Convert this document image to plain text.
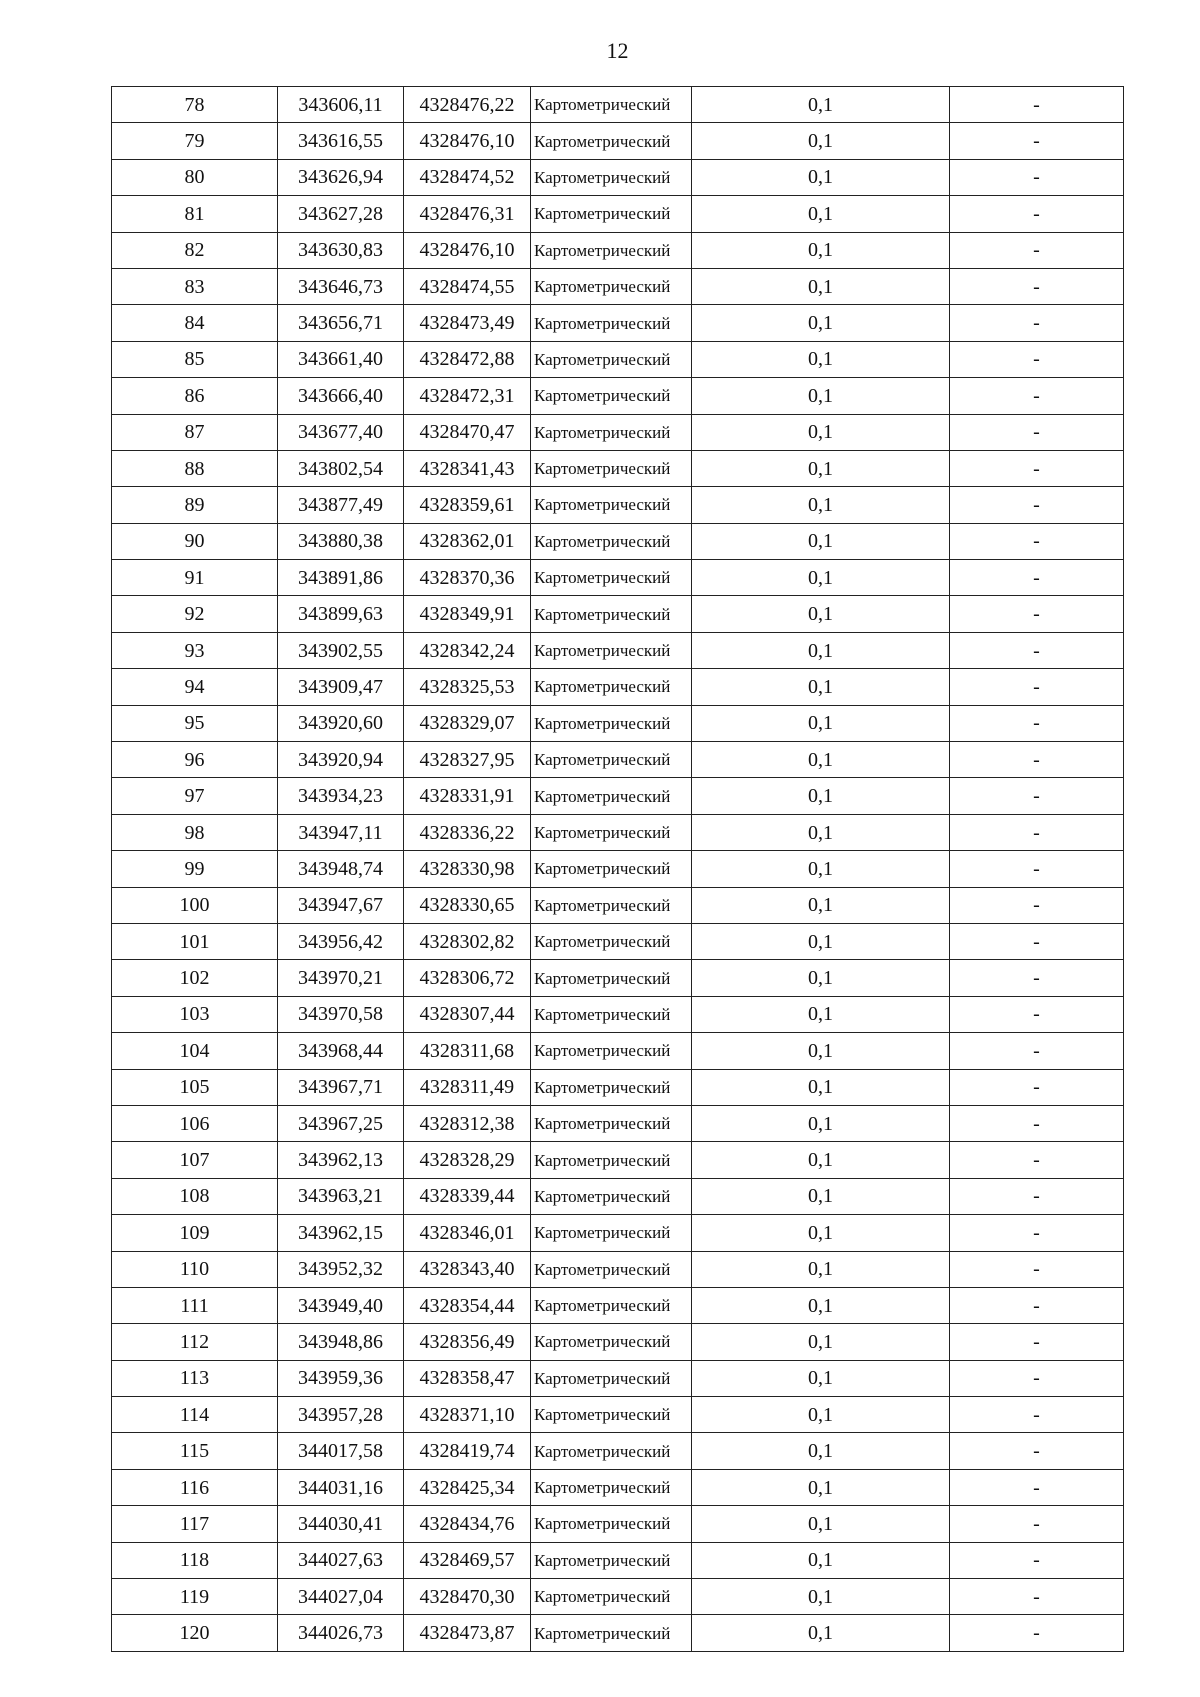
12
78	343606,11	4328476,22	Картометрический	0,1	-
79	343616,55	4328476,10	Картометрический	0,1	-
80	343626,94	4328474,52	Картометрический	0,1	-
81	343627,28	4328476,31	Картометрический	0,1	-
82	343630,83	4328476,10	Картометрический	0,1	-
83	343646,73	4328474,55	Картометрический	0,1	-
84	343656,71	4328473,49	Картометрический	0,1	-
85	343661,40	4328472,88	Картометрический	0,1	-
86	343666,40	4328472,31	Картометрический	0,1	-
87	343677,40	4328470,47	Картометрический	0,1	-
88	343802,54	4328341,43	Картометрический	0,1	-
89	343877,49	4328359,61	Картометрический	0,1	-
90	343880,38	4328362,01	Картометрический	0,1	-
91	343891,86	4328370,36	Картометрический	0,1	-
92	343899,63	4328349,91	Картометрический	0,1	-
93	343902,55	4328342,24	Картометрический	0,1	-
94	343909,47	4328325,53	Картометрический	0,1	-
95	343920,60	4328329,07	Картометрический	0,1	-
96	343920,94	4328327,95	Картометрический	0,1	-
97	343934,23	4328331,91	Картометрический	0,1	-
98	343947,11	4328336,22	Картометрический	0,1	-
99	343948,74	4328330,98	Картометрический	0,1	-
100	343947,67	4328330,65	Картометрический	0,1	-
101	343956,42	4328302,82	Картометрический	0,1	-
102	343970,21	4328306,72	Картометрический	0,1	-
103	343970,58	4328307,44	Картометрический	0,1	-
104	343968,44	4328311,68	Картометрический	0,1	-
105	343967,71	4328311,49	Картометрический	0,1	-
106	343967,25	4328312,38	Картометрический	0,1	-
107	343962,13	4328328,29	Картометрический	0,1	-
108	343963,21	4328339,44	Картометрический	0,1	-
109	343962,15	4328346,01	Картометрический	0,1	-
110	343952,32	4328343,40	Картометрический	0,1	-
111	343949,40	4328354,44	Картометрический	0,1	-
112	343948,86	4328356,49	Картометрический	0,1	-
113	343959,36	4328358,47	Картометрический	0,1	-
114	343957,28	4328371,10	Картометрический	0,1	-
115	344017,58	4328419,74	Картометрический	0,1	-
116	344031,16	4328425,34	Картометрический	0,1	-
117	344030,41	4328434,76	Картометрический	0,1	-
118	344027,63	4328469,57	Картометрический	0,1	-
119	344027,04	4328470,30	Картометрический	0,1	-
120	344026,73	4328473,87	Картометрический	0,1	-
